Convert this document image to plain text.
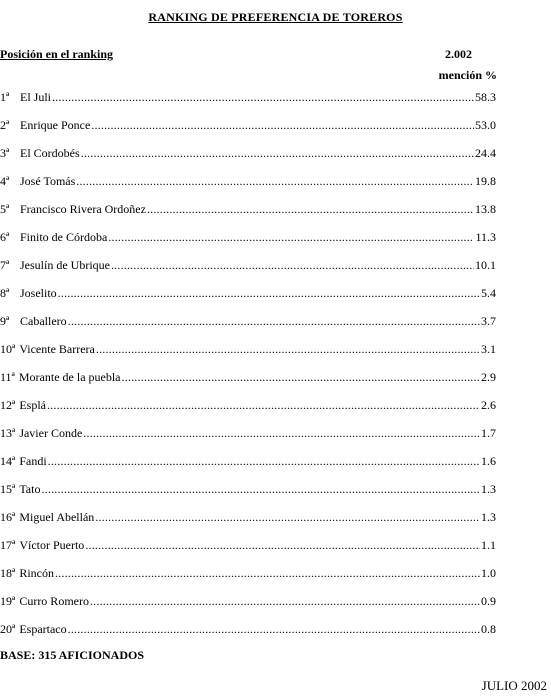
RANKING DE PREFERENCIA DE TOREROS
Posición en el ranking	2.002
mención %
1ª El Juli .....	58.3
2ª Enrique Ponce .....	53.0
3ª El Cordobés .....	24.4
4ª José Tomás .....	19.8
5ª Francisco Rivera Ordoñez .....	13.8
6ª Finito de Córdoba .....	11.3
7ª Jesulín de Ubrique .....	10.1
8ª Joselito .....	5.4
9ª Caballero .....	3.7
10ª Vicente Barrera .....	3.1
11ª Morante de la puebla .....	2.9
12ª Esplá .....	2.6
13ª Javier Conde .....	1.7
14ª Fandi .....	1.6
15ª Tato .....	1.3
16ª Miguel Abellán .....	1.3
17ª Víctor Puerto .....	1.1
18ª Rincón .....	1.0
19ª Curro Romero .....	0.9
20ª Espartaco .....	0.8
BASE: 315 AFICIONADOS
JULIO 2002
